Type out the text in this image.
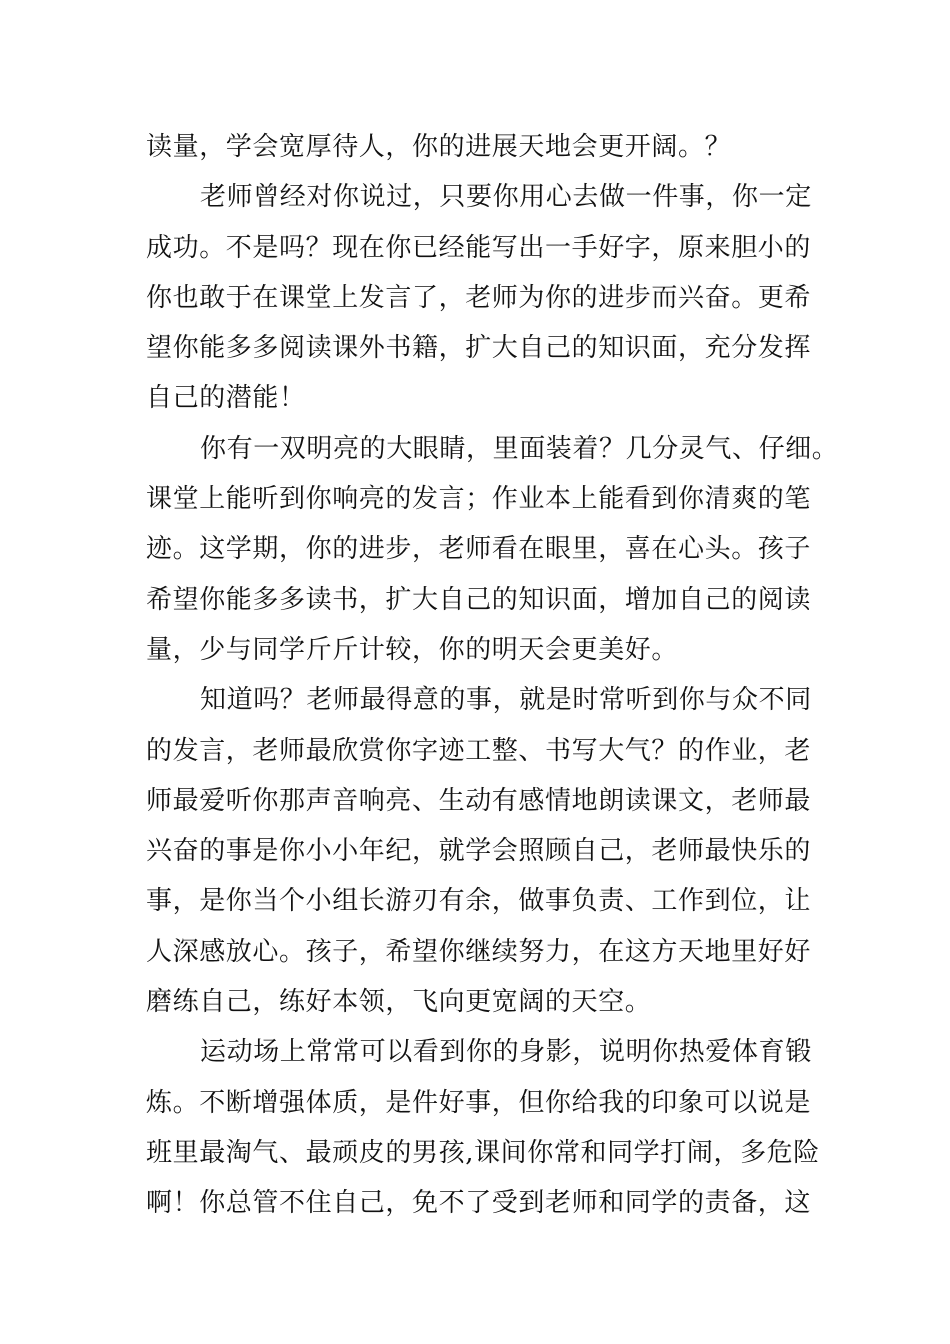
读量，学会宽厚待人，你的进展天地会更开阔。？
老师曾经对你说过，只要你用心去做一件事，你一定
成功。不是吗？现在你已经能写出一手好字，原来胆小的
你也敢于在课堂上发言了，老师为你的进步而兴奋。更希
望你能多多阅读课外书籍，扩大自己的知识面，充分发挥
自己的潜能！
你有一双明亮的大眼睛，里面装着？几分灵气、仔细。
课堂上能听到你响亮的发言；作业本上能看到你清爽的笔
迹。这学期，你的进步，老师看在眼里，喜在心头。孩子
希望你能多多读书，扩大自己的知识面，增加自己的阅读
量，少与同学斤斤计较，你的明天会更美好。
知道吗？老师最得意的事，就是时常听到你与众不同
的发言，老师最欣赏你字迹工整、书写大气？的作业，老
师最爱听你那声音响亮、生动有感情地朗读课文，老师最
兴奋的事是你小小年纪，就学会照顾自己，老师最快乐的
事，是你当个小组长游刃有余，做事负责、工作到位，让
人深感放心。孩子，希望你继续努力，在这方天地里好好
磨练自己，练好本领，飞向更宽阔的天空。
运动场上常常可以看到你的身影，说明你热爱体育锻
炼。不断增强体质，是件好事，但你给我的印象可以说是
班里最淘气、最顽皮的男孩,课间你常和同学打闹，多危险
啊！你总管不住自己，免不了受到老师和同学的责备，这
